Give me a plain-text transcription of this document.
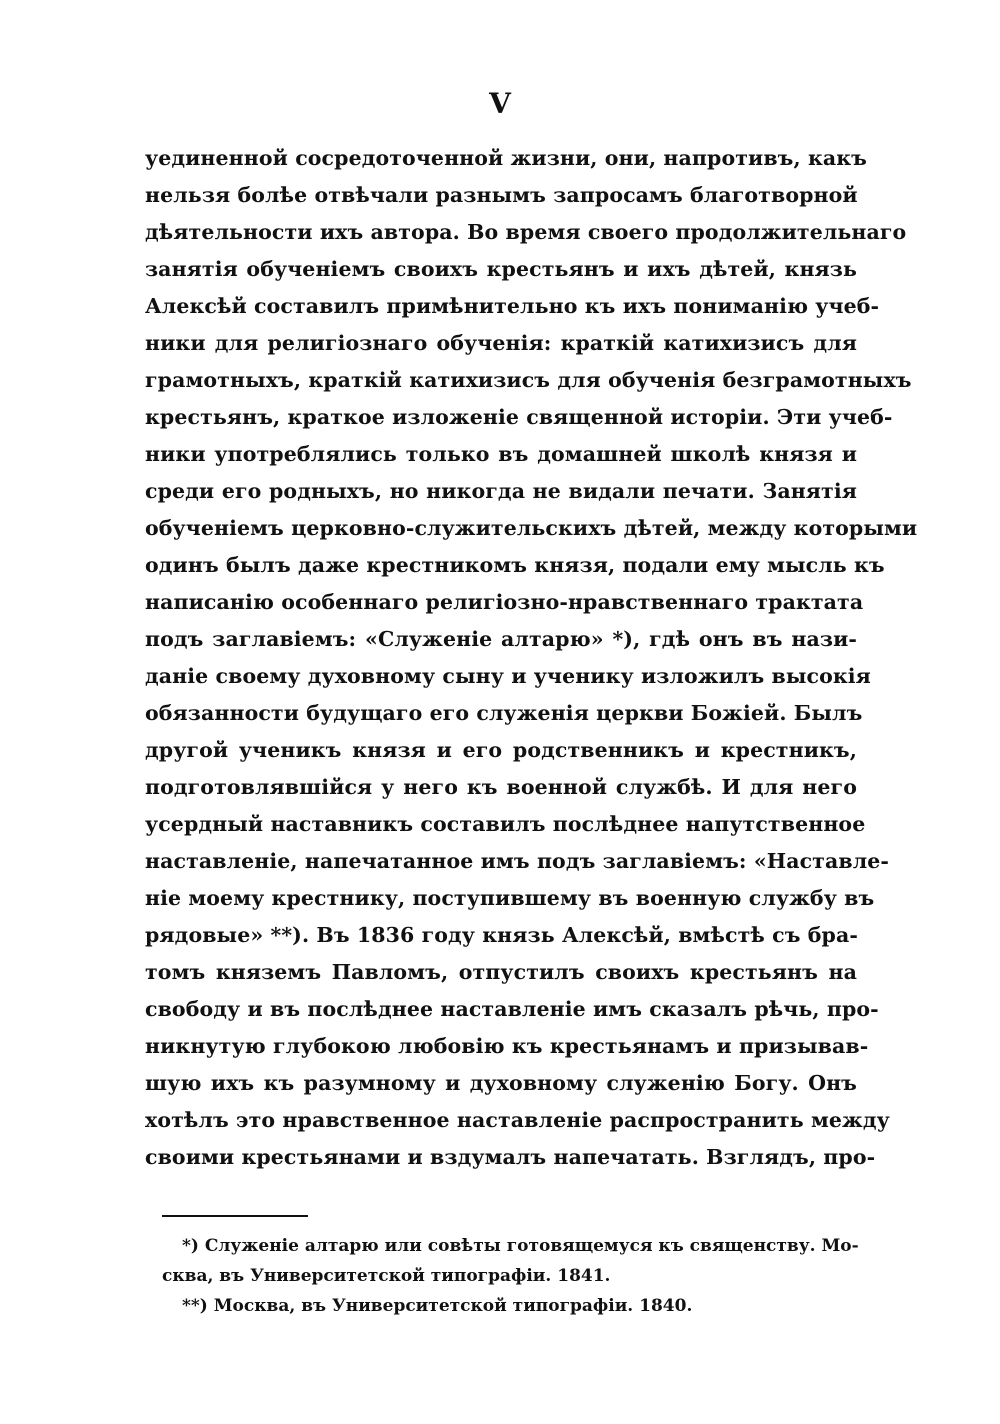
V
уединенной сосредоточенной жизни, они, напротивъ, какъ
нельзя болѣе отвѣчали разнымъ запросамъ благотворной
дѣятельности ихъ автора. Во время своего продолжительнаго
занятія обученіемъ своихъ крестьянъ и ихъ дѣтей, князь
Алексѣй составилъ примѣнительно къ ихъ пониманію учеб-
ники для религіознаго обученія: краткій катихизисъ для
грамотныхъ, краткій катихизисъ для обученія безграмотныхъ
крестьянъ, краткое изложеніе священной исторіи. Эти учеб-
ники употреблялись только въ домашней школѣ князя и
среди его родныхъ, но никогда не видали печати. Занятія
обученіемъ церковно-служительскихъ дѣтей, между которыми
одинъ былъ даже крестникомъ князя, подали ему мысль къ
написанію особеннаго религіозно-нравственнаго трактата
подъ заглавіемъ: «Служеніе алтарю» *), гдѣ онъ въ нази-
даніе своему духовному сыну и ученику изложилъ высокія
обязанности будущаго его служенія церкви Божіей. Былъ
другой ученикъ князя и его родственникъ и крестникъ,
подготовлявшійся у него къ военной службѣ. И для него
усердный наставникъ составилъ послѣднее напутственное
наставленіе, напечатанное имъ подъ заглавіемъ: «Наставле-
ніе моему крестнику, поступившему въ военную службу въ
рядовые» **). Въ 1836 году князь Алексѣй, вмѣстѣ съ бра-
томъ княземъ Павломъ, отпустилъ своихъ крестьянъ на
свободу и въ послѣднее наставленіе имъ сказалъ рѣчь, про-
никнутую глубокою любовію къ крестьянамъ и призывав-
шую ихъ къ разумному и духовному служенію Богу. Онъ
хотѣлъ это нравственное наставленіе распространить между
своими крестьянами и вздумалъ напечатать. Взглядъ, про-
*) Служеніе алтарю или совѣты готовящемуся къ священству. Мо-
сква, въ Университетской типографіи. 1841.
**) Москва, въ Университетской типографіи. 1840.
